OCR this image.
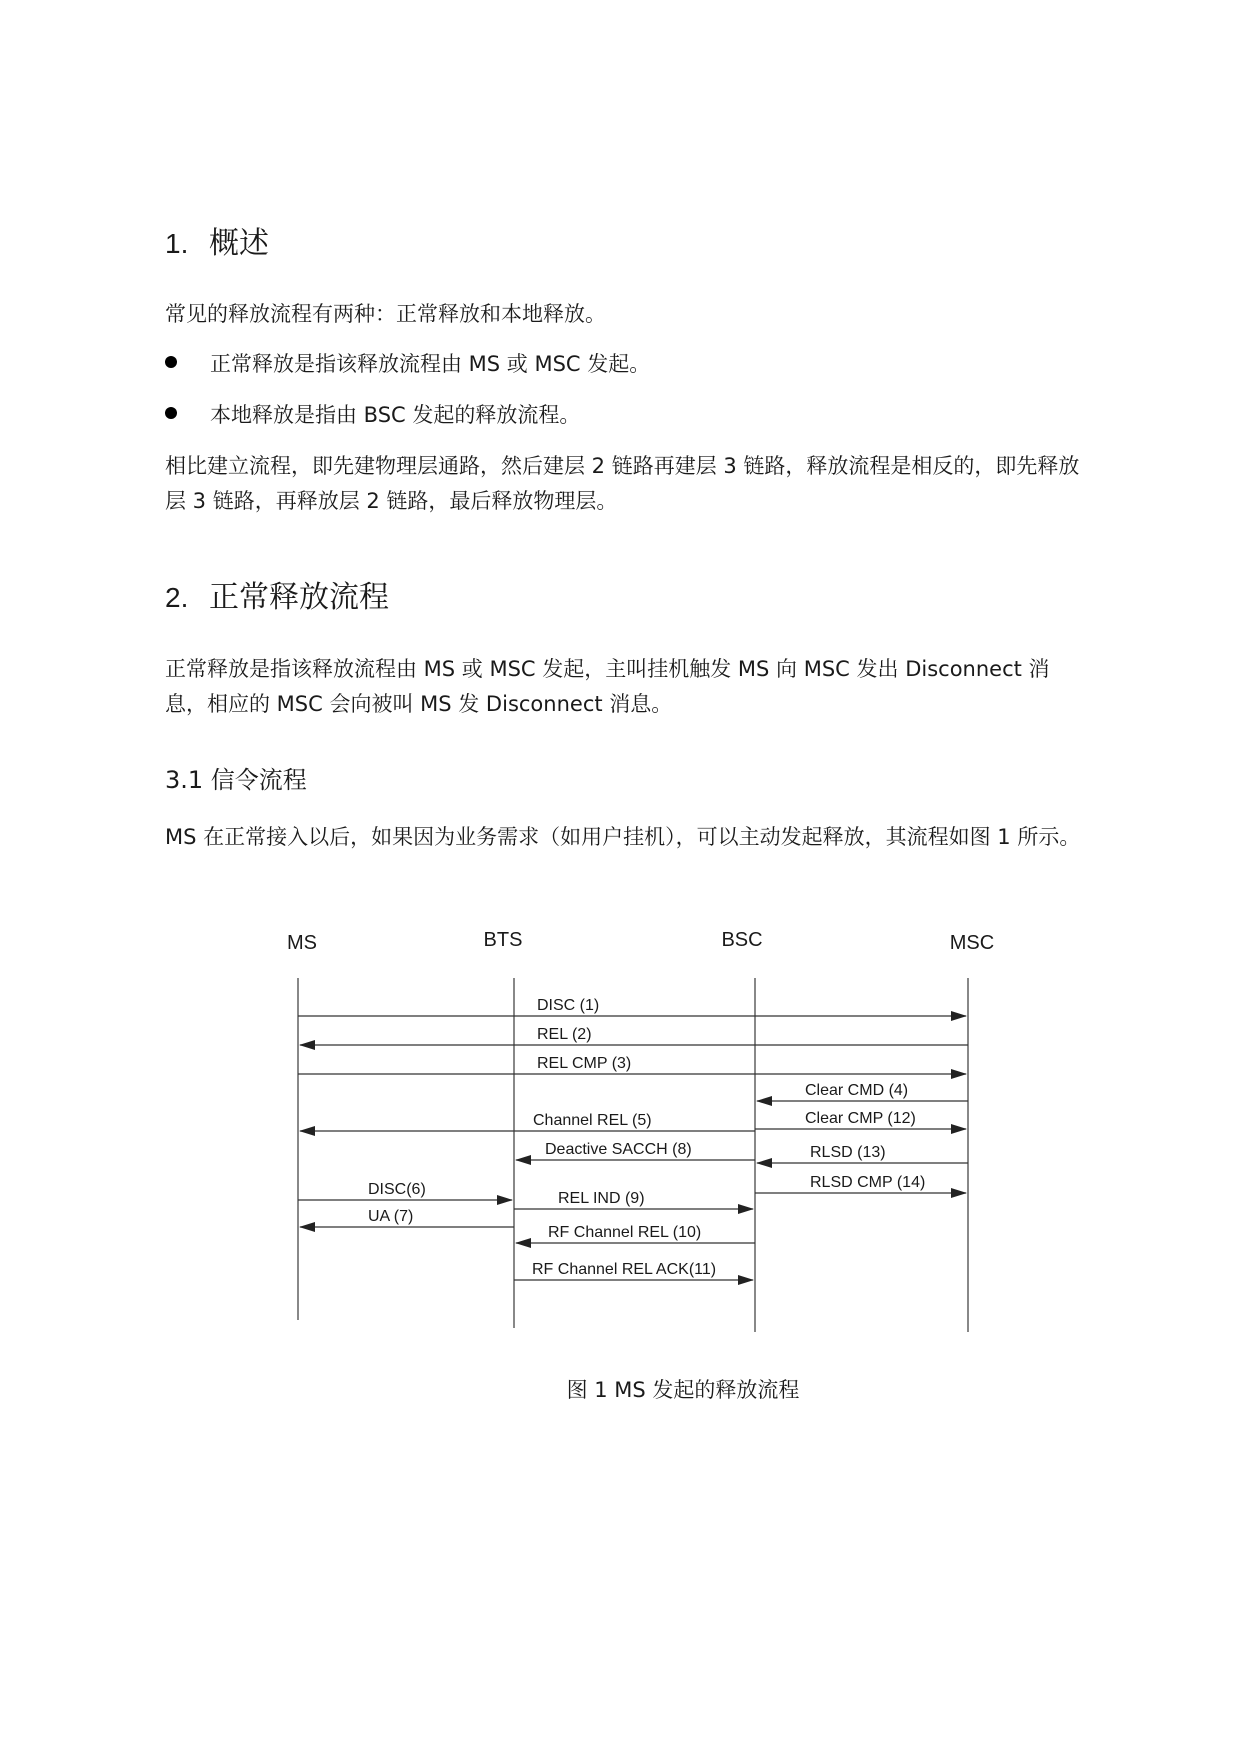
1. 概述

常见的释放流程有两种：正常释放和本地释放。

正常释放是指该释放流程由 MS 或 MSC 发起。
本地释放是指由 BSC 发起的释放流程。

相比建立流程，即先建物理层通路，然后建层 2 链路再建层 3 链路，释放流程是相反的，即先释放层 3 链路，再释放层 2 链路，最后释放物理层。

2. 正常释放流程

正常释放是指该释放流程由 MS 或 MSC 发起，主叫挂机触发 MS 向 MSC 发出 Disconnect 消息，相应的 MSC 会向被叫 MS 发 Disconnect 消息。

3.1 信令流程

MS 在正常接入以后，如果因为业务需求（如用户挂机），可以主动发起释放，其流程如图 1 所示。

MS	BTS	BSC	MSC
DISC (1)
REL (2)
REL CMP (3)
Clear CMD (4)
Channel REL (5)	Clear CMP (12)
Deactive SACCH (8)	RLSD (13)
RLSD CMP (14)
DISC(6)
REL IND (9)
UA (7)
RF Channel REL (10)
RF Channel REL ACK(11)
图 1 MS 发起的释放流程
